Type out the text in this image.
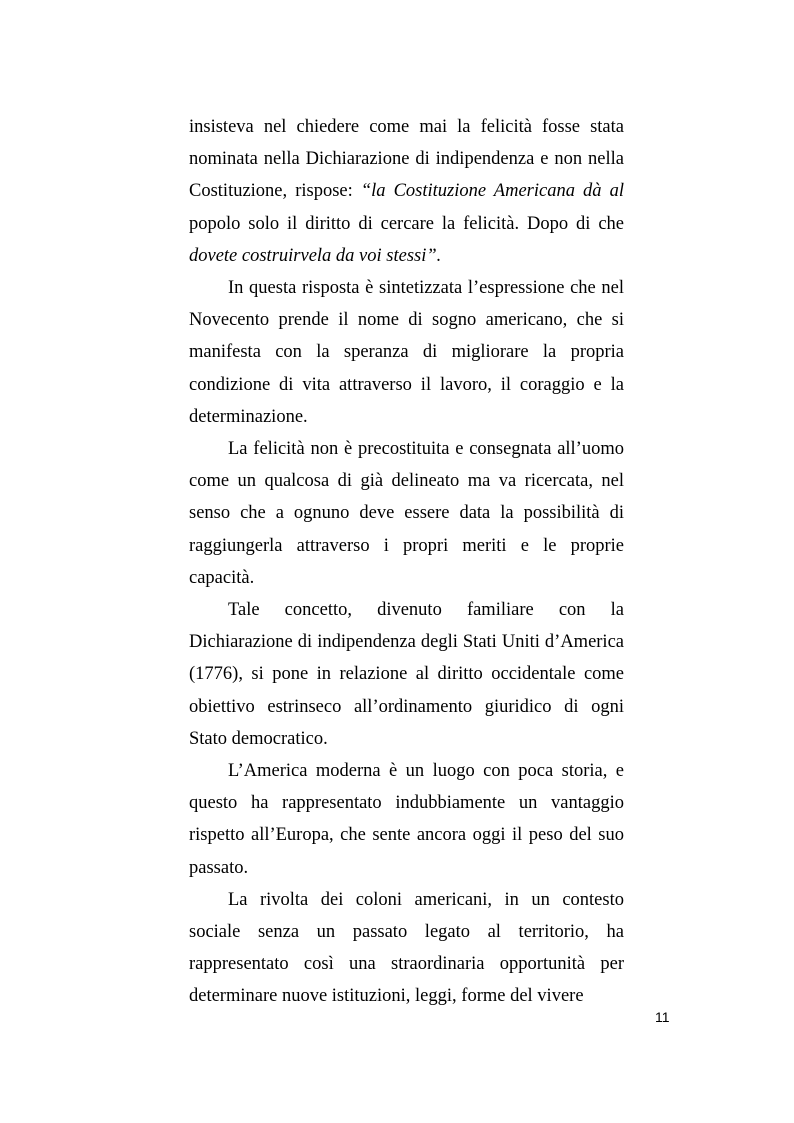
insisteva nel chiedere come mai la felicità fosse stata nominata nella Dichiarazione di indipendenza e non nella Costituzione, rispose: “la Costituzione Americana dà al popolo solo il diritto di cercare la felicità. Dopo di che dovete costruirvela da voi stessi”.

In questa risposta è sintetizzata l’espressione che nel Novecento prende il nome di sogno americano, che si manifesta con la speranza di migliorare la propria condizione di vita attraverso il lavoro, il coraggio e la determinazione.

La felicità non è precostituita e consegnata all’uomo come un qualcosa di già delineato ma va ricercata, nel senso che a ognuno deve essere data la possibilità di raggiungerla attraverso i propri meriti e le proprie capacità.

Tale concetto, divenuto familiare con la Dichiarazione di indipendenza degli Stati Uniti d’America (1776), si pone in relazione al diritto occidentale come obiettivo estrinseco all’ordinamento giuridico di ogni Stato democratico.

L’America moderna è un luogo con poca storia, e questo ha rappresentato indubbiamente un vantaggio rispetto all’Europa, che sente ancora oggi il peso del suo passato.

La rivolta dei coloni americani, in un contesto sociale senza un passato legato al territorio, ha rappresentato così una straordinaria opportunità per determinare nuove istituzioni, leggi, forme del vivere

11
